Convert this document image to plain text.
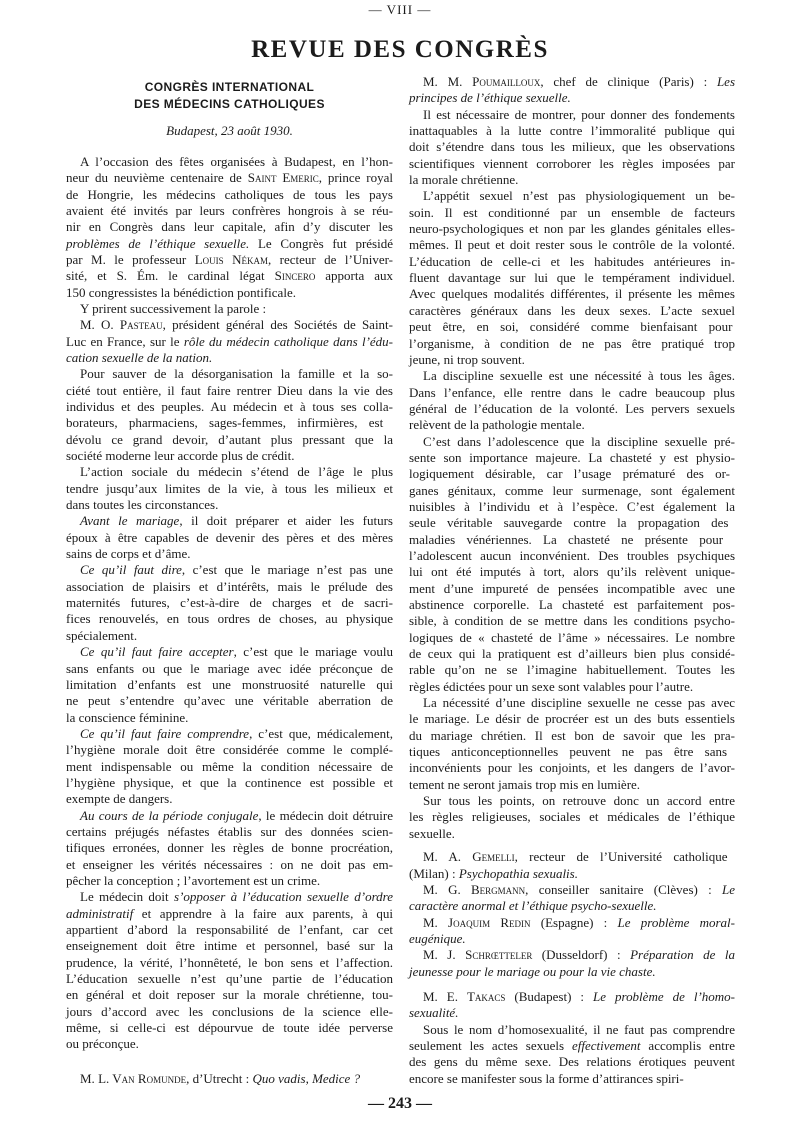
— VIII —
REVUE DES CONGRÈS
CONGRÈS INTERNATIONAL
DES MÉDECINS CATHOLIQUES
Budapest, 23 août 1930.
A l’occasion des fêtes organisées à Budapest, en l’hon-
neur du neuvième centenaire de Saint Emeric, prince royal
de Hongrie, les médecins catholiques de tous les pays
avaient été invités par leurs confrères hongrois à se réu-
nir en Congrès dans leur capitale, afin d’y discuter les
problèmes de l’éthique sexuelle. Le Congrès fut présidé
par M. le professeur Louis Nékam, recteur de l’Univer-
sité, et S. Ém. le cardinal légat Sincero apporta aux
150 congressistes la bénédiction pontificale.
Y prirent successivement la parole :
M. O. Pasteau, président général des Sociétés de Saint-
Luc en France, sur le rôle du médecin catholique dans l’édu-
cation sexuelle de la nation.
Pour sauver de la désorganisation la famille et la so-
ciété tout entière, il faut faire rentrer Dieu dans la vie des
individus et des peuples. Au médecin et à tous ses colla-
borateurs, pharmaciens, sages-femmes, infirmières, est
dévolu ce grand devoir, d’autant plus pressant que la
société moderne leur accorde plus de crédit.
L’action sociale du médecin s’étend de l’âge le plus
tendre jusqu’aux limites de la vie, à tous les milieux et
dans toutes les circonstances.
Avant le mariage, il doit préparer et aider les futurs
époux à être capables de devenir des pères et des mères
sains de corps et d’âme.
Ce qu’il faut dire, c’est que le mariage n’est pas une
association de plaisirs et d’intérêts, mais le prélude des
maternités futures, c’est-à-dire de charges et de sacri-
fices renouvelés, en tous ordres de choses, au physique
spécialement.
Ce qu’il faut faire accepter, c’est que le mariage voulu
sans enfants ou que le mariage avec idée préconçue de
limitation d’enfants est une monstruosité naturelle qui
ne peut s’entendre qu’avec une véritable aberration de
la conscience féminine.
Ce qu’il faut faire comprendre, c’est que, médicalement,
l’hygiène morale doit être considérée comme le complé-
ment indispensable ou même la condition nécessaire de
l’hygiène physique, et que la continence est possible et
exempte de dangers.
Au cours de la période conjugale, le médecin doit détruire
certains préjugés néfastes établis sur des données scien-
tifiques erronées, donner les règles de bonne procréation,
et enseigner les vérités nécessaires : on ne doit pas em-
pêcher la conception ; l’avortement est un crime.
Le médecin doit s’opposer à l’éducation sexuelle d’ordre
administratif et apprendre à la faire aux parents, à qui
appartient d’abord la responsabilité de l’enfant, car cet
enseignement doit être intime et personnel, basé sur la
prudence, la vérité, l’honnêteté, le bon sens et l’affection.
L’éducation sexuelle n’est qu’une partie de l’éducation
en général et doit reposer sur la morale chrétienne, tou-
jours d’accord avec les conclusions de la science elle-
même, si celle-ci est dépourvue de toute idée perverse
ou préconçue.
M. L. Van Romunde, d’Utrecht : Quo vadis, Medice ?
M. M. Poumailloux, chef de clinique (Paris) : Les
principes de l’éthique sexuelle.
Il est nécessaire de montrer, pour donner des fondements
inattaquables à la lutte contre l’immoralité publique qui
doit s’étendre dans tous les milieux, que les observations
scientifiques viennent corroborer les règles imposées par
la morale chrétienne.
L’appétit sexuel n’est pas physiologiquement un be-
soin. Il est conditionné par un ensemble de facteurs
neuro-psychologiques et non par les glandes génitales elles-
mêmes. Il peut et doit rester sous le contrôle de la volonté.
L’éducation de celle-ci et les habitudes antérieures in-
fluent davantage sur lui que le tempérament individuel.
Avec quelques modalités différentes, il présente les mêmes
caractères généraux dans les deux sexes. L’acte sexuel
peut être, en soi, considéré comme bienfaisant pour
l’organisme, à condition de ne pas être pratiqué trop
jeune, ni trop souvent.
La discipline sexuelle est une nécessité à tous les âges.
Dans l’enfance, elle rentre dans le cadre beaucoup plus
général de l’éducation de la volonté. Les pervers sexuels
relèvent de la pathologie mentale.
C’est dans l’adolescence que la discipline sexuelle pré-
sente son importance majeure. La chasteté y est physio-
logiquement désirable, car l’usage prématuré des or-
ganes génitaux, comme leur surmenage, sont également
nuisibles à l’individu et à l’espèce. C’est également la
seule véritable sauvegarde contre la propagation des
maladies vénériennes. La chasteté ne présente pour
l’adolescent aucun inconvénient. Des troubles psychiques
lui ont été imputés à tort, alors qu’ils relèvent unique-
ment d’une impureté de pensées incompatible avec une
abstinence corporelle. La chasteté est parfaitement pos-
sible, à condition de se mettre dans les conditions psycho-
logiques de « chasteté de l’âme » nécessaires. Le nombre
de ceux qui la pratiquent est d’ailleurs bien plus considé-
rable qu’on ne se l’imagine habituellement. Toutes les
règles édictées pour un sexe sont valables pour l’autre.
La nécessité d’une discipline sexuelle ne cesse pas avec
le mariage. Le désir de procréer est un des buts essentiels
du mariage chrétien. Il est bon de savoir que les pra-
tiques anticonceptionnelles peuvent ne pas être sans
inconvénients pour les conjoints, et les dangers de l’avor-
tement ne seront jamais trop mis en lumière.
Sur tous les points, on retrouve donc un accord entre
les règles religieuses, sociales et médicales de l’éthique
sexuelle.
M. A. Gemelli, recteur de l’Université catholique
(Milan) : Psychopathia sexualis.
M. G. Bergmann, conseiller sanitaire (Clèves) : Le
caractère anormal et l’éthique psycho-sexuelle.
M. Joaquim Redin (Espagne) : Le problème moral-
eugénique.
M. J. Schrœtteler (Dusseldorf) : Préparation de la
jeunesse pour le mariage ou pour la vie chaste.
M. E. Takacs (Budapest) : Le problème de l’homo-
sexualité.
Sous le nom d’homosexualité, il ne faut pas comprendre
seulement les actes sexuels effectivement accomplis entre
des gens du même sexe. Des relations érotiques peuvent
encore se manifester sous la forme d’attirances spiri-
— 243 —
